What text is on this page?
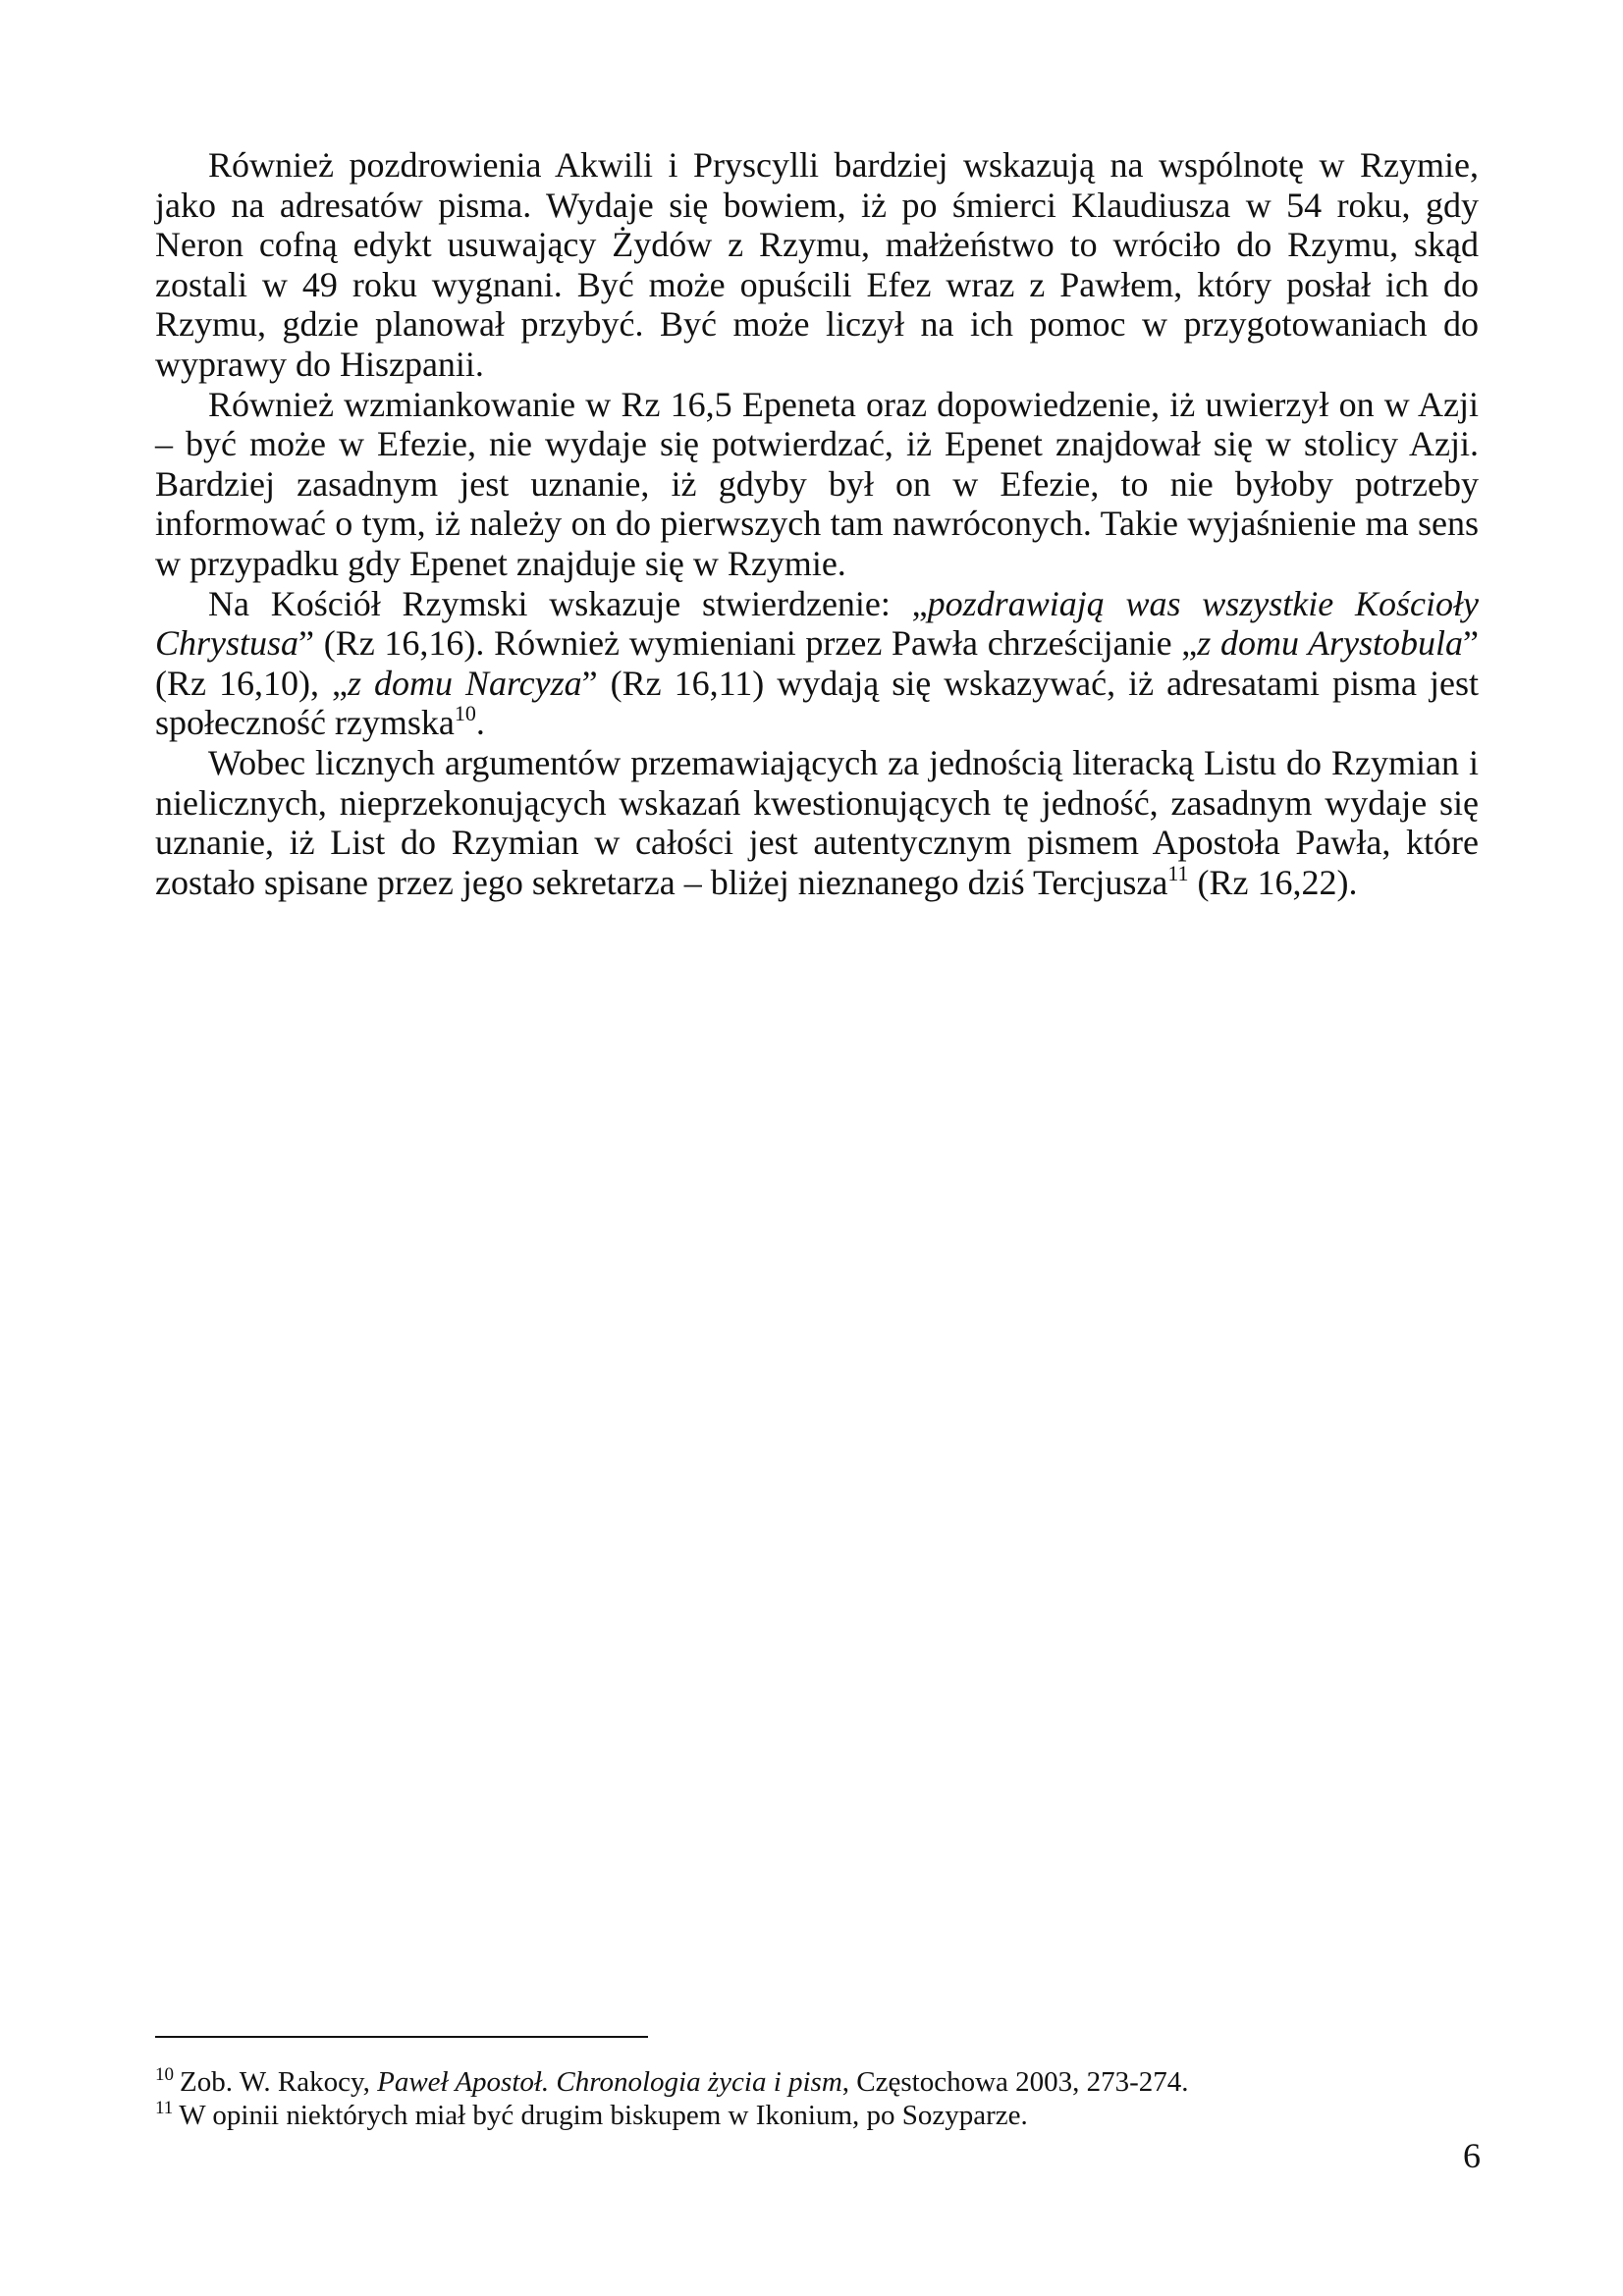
Również pozdrowienia Akwili i Pryscylli bardziej wskazują na wspólnotę w Rzymie, jako na adresatów pisma. Wydaje się bowiem, iż po śmierci Klaudiusza w 54 roku, gdy Neron cofną edykt usuwający Żydów z Rzymu, małżeństwo to wróciło do Rzymu, skąd zostali w 49 roku wygnani. Być może opuścili Efez wraz z Pawłem, który posłał ich do Rzymu, gdzie planował przybyć. Być może liczył na ich pomoc w przygotowaniach do wyprawy do Hiszpanii.

Również wzmiankowanie w Rz 16,5 Epeneta oraz dopowiedzenie, iż uwierzył on w Azji – być może w Efezie, nie wydaje się potwierdzać, iż Epenet znajdował się w stolicy Azji. Bardziej zasadnym jest uznanie, iż gdyby był on w Efezie, to nie byłoby potrzeby informować o tym, iż należy on do pierwszych tam nawróconych. Takie wyjaśnienie ma sens w przypadku gdy Epenet znajduje się w Rzymie.

Na Kościół Rzymski wskazuje stwierdzenie: „pozdrawiają was wszystkie Kościoły Chrystusa” (Rz 16,16). Również wymieniani przez Pawła chrześcijanie „z domu Arystobula” (Rz 16,10), „z domu Narcyza” (Rz 16,11) wydają się wskazywać, iż adresatami pisma jest społeczność rzymska$^{10}$.

Wobec licznych argumentów przemawiających za jednością literacką Listu do Rzymian i nielicznych, nieprzekonujących wskazań kwestionujących tę jedność, zasadnym wydaje się uznanie, iż List do Rzymian w całości jest autentycznym pismem Apostoła Pawła, które zostało spisane przez jego sekretarza – bliżej nieznanego dziś Tercjusza$^{11}$ (Rz 16,22).

$^{10}$ Zob. W. Rakocy, Paweł Apostoł. Chronologia życia i pism, Częstochowa 2003, 273-274.

$^{11}$ W opinii niektórych miał być drugim biskupem w Ikonium, po Sozyparze.

6
